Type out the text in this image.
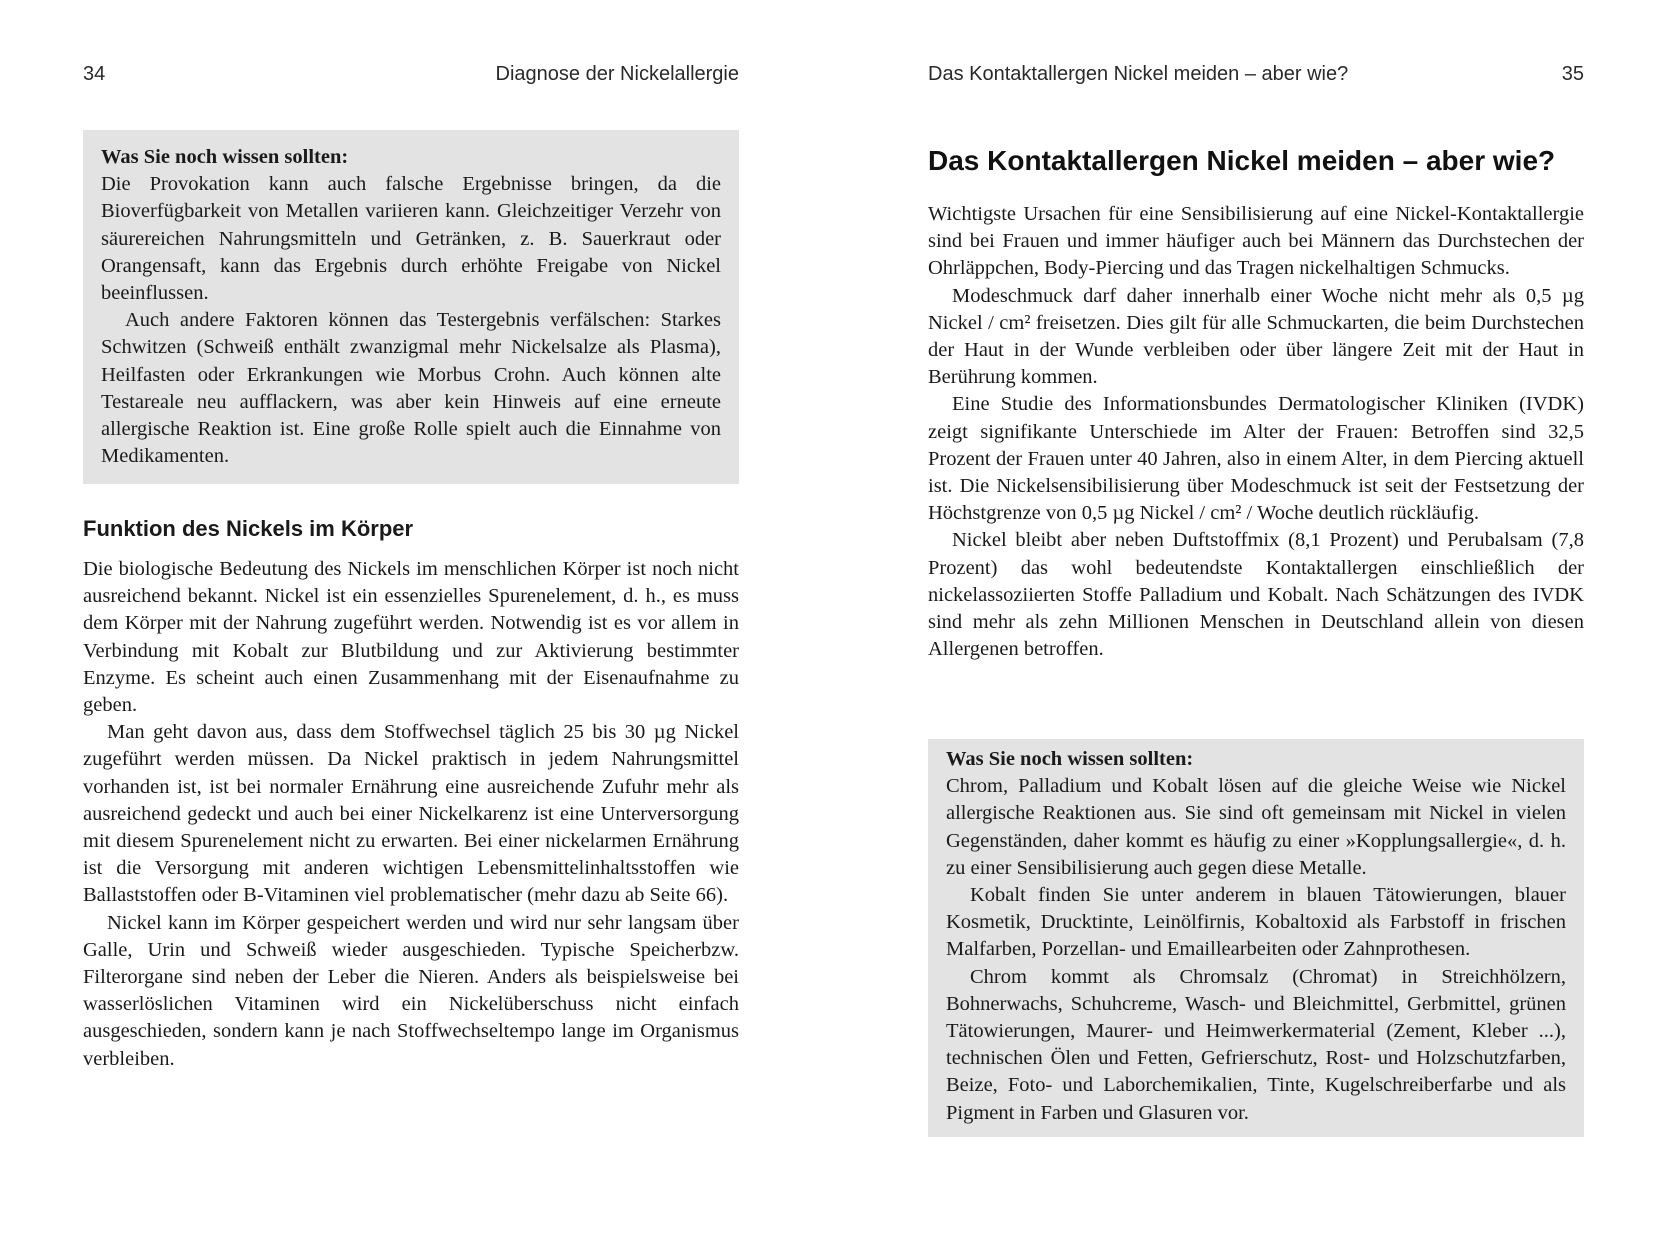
34	Diagnose der Nickelallergie

Was Sie noch wissen sollten:

Die Provokation kann auch falsche Ergebnisse bringen, da die Bioverfügbarkeit von Metallen variieren kann. Gleichzeitiger Verzehr von säurereichen Nahrungsmitteln und Getränken, z. B. Sauerkraut oder Orangensaft, kann das Ergebnis durch erhöhte Freigabe von Nickel beeinflussen.

Auch andere Faktoren können das Testergebnis verfälschen: Starkes Schwitzen (Schweiß enthält zwanzigmal mehr Nickelsalze als Plasma), Heilfasten oder Erkrankungen wie Morbus Crohn. Auch können alte Testareale neu aufflackern, was aber kein Hinweis auf eine erneute allergische Reaktion ist. Eine große Rolle spielt auch die Einnahme von Medikamenten.

Funktion des Nickels im Körper

Die biologische Bedeutung des Nickels im menschlichen Körper ist noch nicht ausreichend bekannt. Nickel ist ein essenzielles Spurenelement, d. h., es muss dem Körper mit der Nahrung zugeführt werden. Notwendig ist es vor allem in Verbindung mit Kobalt zur Blutbildung und zur Aktivierung bestimmter Enzyme. Es scheint auch einen Zusammenhang mit der Eisenaufnahme zu geben.

Man geht davon aus, dass dem Stoffwechsel täglich 25 bis 30 µg Nickel zugeführt werden müssen. Da Nickel praktisch in jedem Nahrungsmittel vorhanden ist, ist bei normaler Ernährung eine ausreichende Zufuhr mehr als ausreichend gedeckt und auch bei einer Nickelkarenz ist eine Unterversorgung mit diesem Spurenelement nicht zu erwarten. Bei einer nickelarmen Ernährung ist die Versorgung mit anderen wichtigen Lebensmittelinhaltsstoffen wie Ballaststoffen oder B-Vitaminen viel problematischer (mehr dazu ab Seite 66).

Nickel kann im Körper gespeichert werden und wird nur sehr langsam über Galle, Urin und Schweiß wieder ausgeschieden. Typische Speicherbzw. Filterorgane sind neben der Leber die Nieren. Anders als beispielsweise bei wasserlöslichen Vitaminen wird ein Nickelüberschuss nicht einfach ausgeschieden, sondern kann je nach Stoffwechseltempo lange im Organismus verbleiben.

Das Kontaktallergen Nickel meiden – aber wie?	35
Das Kontaktallergen Nickel meiden – aber wie?

Wichtigste Ursachen für eine Sensibilisierung auf eine Nickel-Kontaktallergie sind bei Frauen und immer häufiger auch bei Männern das Durchstechen der Ohrläppchen, Body-Piercing und das Tragen nickelhaltigen Schmucks.

Modeschmuck darf daher innerhalb einer Woche nicht mehr als 0,5 µg Nickel / cm² freisetzen. Dies gilt für alle Schmuckarten, die beim Durchstechen der Haut in der Wunde verbleiben oder über längere Zeit mit der Haut in Berührung kommen.

Eine Studie des Informationsbundes Dermatologischer Kliniken (IVDK) zeigt signifikante Unterschiede im Alter der Frauen: Betroffen sind 32,5 Prozent der Frauen unter 40 Jahren, also in einem Alter, in dem Piercing aktuell ist. Die Nickelsensibilisierung über Modeschmuck ist seit der Festsetzung der Höchstgrenze von 0,5 µg Nickel / cm² / Woche deutlich rückläufig.

Nickel bleibt aber neben Duftstoffmix (8,1 Prozent) und Perubalsam (7,8 Prozent) das wohl bedeutendste Kontaktallergen einschließlich der nickelassoziierten Stoffe Palladium und Kobalt. Nach Schätzungen des IVDK sind mehr als zehn Millionen Menschen in Deutschland allein von diesen Allergenen betroffen.

Was Sie noch wissen sollten:

Chrom, Palladium und Kobalt lösen auf die gleiche Weise wie Nickel allergische Reaktionen aus. Sie sind oft gemeinsam mit Nickel in vielen Gegenständen, daher kommt es häufig zu einer »Kopplungsallergie«, d. h. zu einer Sensibilisierung auch gegen diese Metalle.

Kobalt finden Sie unter anderem in blauen Tätowierungen, blauer Kosmetik, Drucktinte, Leinölfirnis, Kobaltoxid als Farbstoff in frischen Malfarben, Porzellan- und Emaillearbeiten oder Zahnprothesen.

Chrom kommt als Chromsalz (Chromat) in Streichhölzern, Bohnerwachs, Schuhcreme, Wasch- und Bleichmittel, Gerbmittel, grünen Tätowierungen, Maurer- und Heimwerkermaterial (Zement, Kleber ...), technischen Ölen und Fetten, Gefrierschutz, Rost- und Holzschutzfarben, Beize, Foto- und Laborchemikalien, Tinte, Kugelschreiberfarbe und als Pigment in Farben und Glasuren vor.
